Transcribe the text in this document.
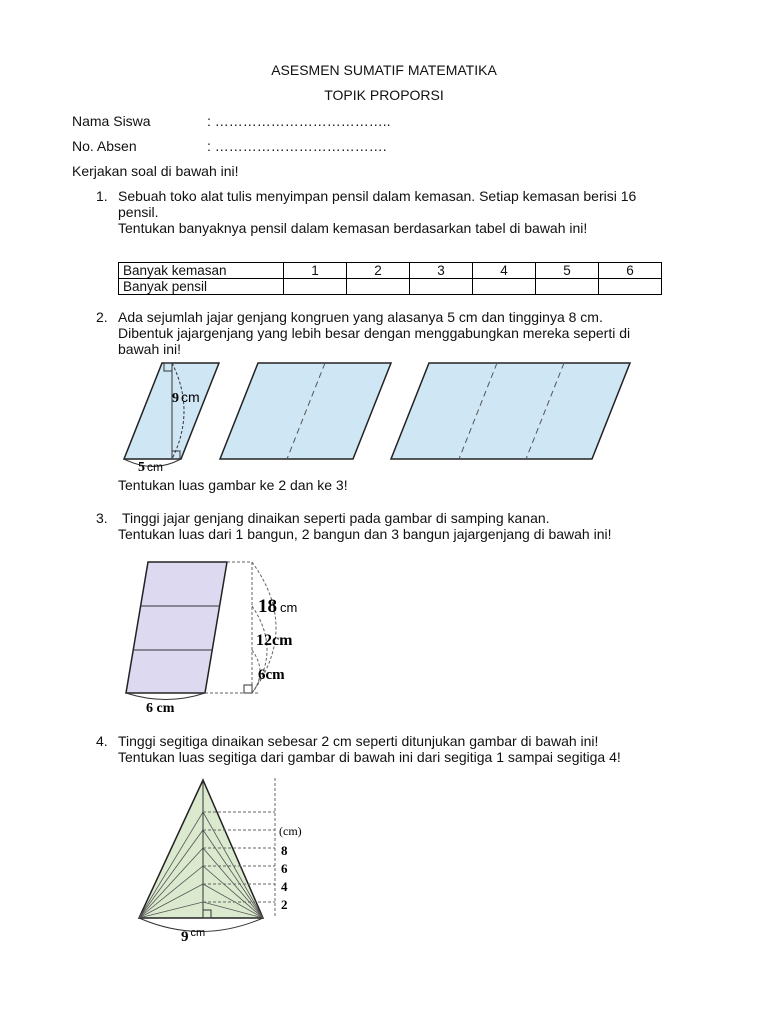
ASESMEN SUMATIF MATEMATIKA
TOPIK PROPORSI
Nama Siswa	: ………………………………..
No. Absen	: ……………………………….
Kerjakan soal di bawah ini!
1. Sebuah toko alat tulis menyimpan pensil dalam kemasan. Setiap kemasan berisi 16
pensil.
Tentukan banyaknya pensil dalam kemasan berdasarkan tabel di bawah ini!
Banyak kemasan	1	2	3	4	5	6
Banyak pensil						
2. Ada sejumlah jajar genjang kongruen yang alasanya 5 cm dan tingginya 8 cm.
Dibentuk jajargenjang yang lebih besar dengan menggabungkan mereka seperti di
bawah ini!
9 cm
5 cm
18 cm
12cm
6cm
6 cm
(cm)
8
6
4
2
9 $^{cm}$
Tentukan luas gambar ke 2 dan ke 3!
3. Tinggi jajar genjang dinaikan seperti pada gambar di samping kanan.
Tentukan luas dari 1 bangun, 2 bangun dan 3 bangun jajargenjang di bawah ini!
4. Tinggi segitiga dinaikan sebesar 2 cm seperti ditunjukan gambar di bawah ini!
Tentukan luas segitiga dari gambar di bawah ini dari segitiga 1 sampai segitiga 4!
